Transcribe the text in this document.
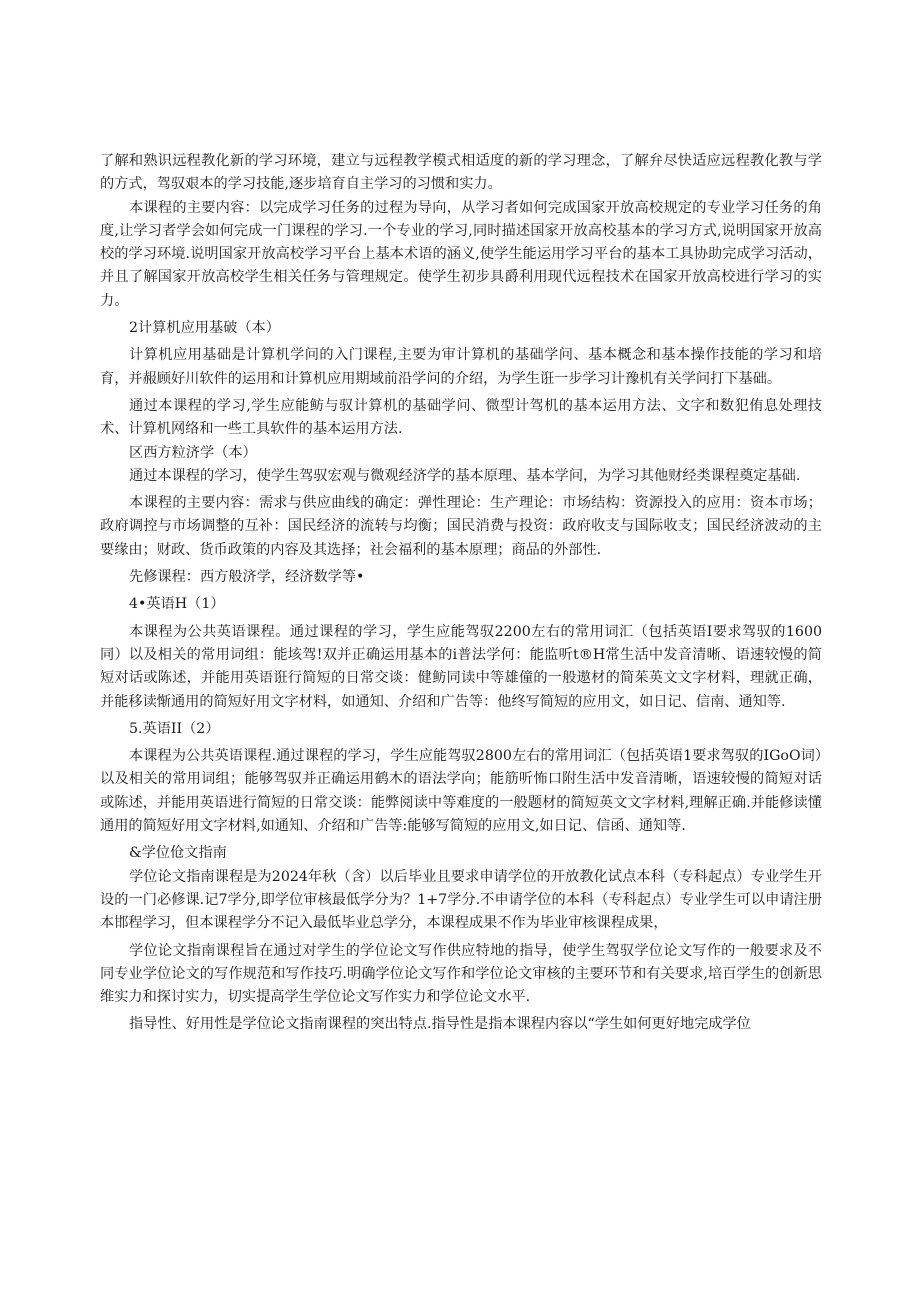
了解和熟识远程教化新的学习环境，建立与远程教学模式相适度的新的学习理念，了解弁尽快适应远程教化教与学的方式，驾驭艰本的学习技能,逐步培育自主学习的习惯和实力。

本课程的主要内容：以完成学习任务的过程为导向，从学习者如何完成国家开放高校规定的专业学习任务的角度,让学习者学会如何完成一门课程的学习.一个专业的学习,同时描述国家开放高校基本的学习方式,说明国家开放高校的学习环境.说明国家开放高校学习平台上基本术语的涵义,使学生能运用学习平台的基本工具协助完成学习活动，并且了解国家开放高校学生相关任务与管理规定。使学生初步具爵利用现代远程技术在国家开放高校进行学习的实力。

2计算机应用基破（本）

计算机应用基础是计算机学问的入门课程,主要为审计算机的基础学问、基本概念和基本操作技能的学习和培育，并赧顾好川软件的运用和计算机应用期域前沿学问的介绍，为学生诳一步学习计豫机有关学问打下基础。

通过本课程的学习,学生应能鲂与驭计算机的基础学问、微型计驾机的基本运用方法、文字和数犯侑息处理技术、计算机网络和一些工具软件的基本运用方法.

区西方粒济学（本）

通过本课程的学习，使学生驾驭宏观与微观经济学的基本原理、基本学问，为学习其他财经类课程奠定基础.

本课程的主要内容：需求与供应曲线的确定：弹性理论：生产理论：市场结构：资源投入的应用：资本市场；政府调控与市场调整的互补：国民经济的流转与均衡；国民消费与投资：政府收支与国际收支；国民经济波动的主要缘由；财政、货币政策的内容及其选择；社会福利的基本原理；商品的外部性.

先修课程：西方般济学，经济数学等•

4•英语H（1）

本课程为公共英语课程。通过课程的学习，学生应能驾驭2200左右的常用词汇（包括英语I要求驾驭的1600同）以及相关的常用词组：能垓驾!双并正确运用基本的i普法学何：能监听t®H常生活中发音清晰、语速较慢的简短对话或陈述，并能用英语诳行简短的日常交谈：健鲂同读中等雄僮的一般遨材的简茱英文文字材料，理就正确，并能移读惭通用的简短好用文字材料，如通知、介绍和广告等：他终写简短的应用文，如日记、信南、通知等.

5.英语II（2）

本课程为公共英语课程.通过课程的学习，学生应能驾驭2800左右的常用词汇（包括英语1要求驾驭的IGoO词）以及相关的常用词组；能够驾驭并正确运用鹤木的语法学向；能筋听怖口附生活中发音清晰，语速较慢的简短对话或陈述，并能用英语进行简短的日常交谈：能弊阅读中等难度的一般题材的简短英文文字材料,理解正确.并能修读懂通用的简短好用文字材料,如通知、介绍和广告等:能够写简短的应用文,如日记、信函、通知等.

&学位伧文指南

学位论文指南课程是为2024年秋（含）以后毕业且要求申请学位的开放教化试点本科（专科起点）专业学生开设的一门必修课.记7学分,即学位审核最低学分为？1+7学分.不申请学位的本科（专科起点）专业学生可以申请注册本邯程学习，但本课程学分不记入最低毕业总学分，本课程成果不作为毕业审核课程成果，

学位论文指南课程旨在通过对学生的学位论文写作供应特地的指导，使学生驾驭学位论文写作的一般要求及不同专业学位论文的写作规范和写作技巧.明确学位论文写作和学位论文审核的主要环节和有关要求,培百学生的创新思维实力和探讨实力，切实提高学生学位论文写作实力和学位论文水平.

指导性、好用性是学位论文指南课程的突出特点.指导性是指本课程内容以“学生如何更好地完成学位
